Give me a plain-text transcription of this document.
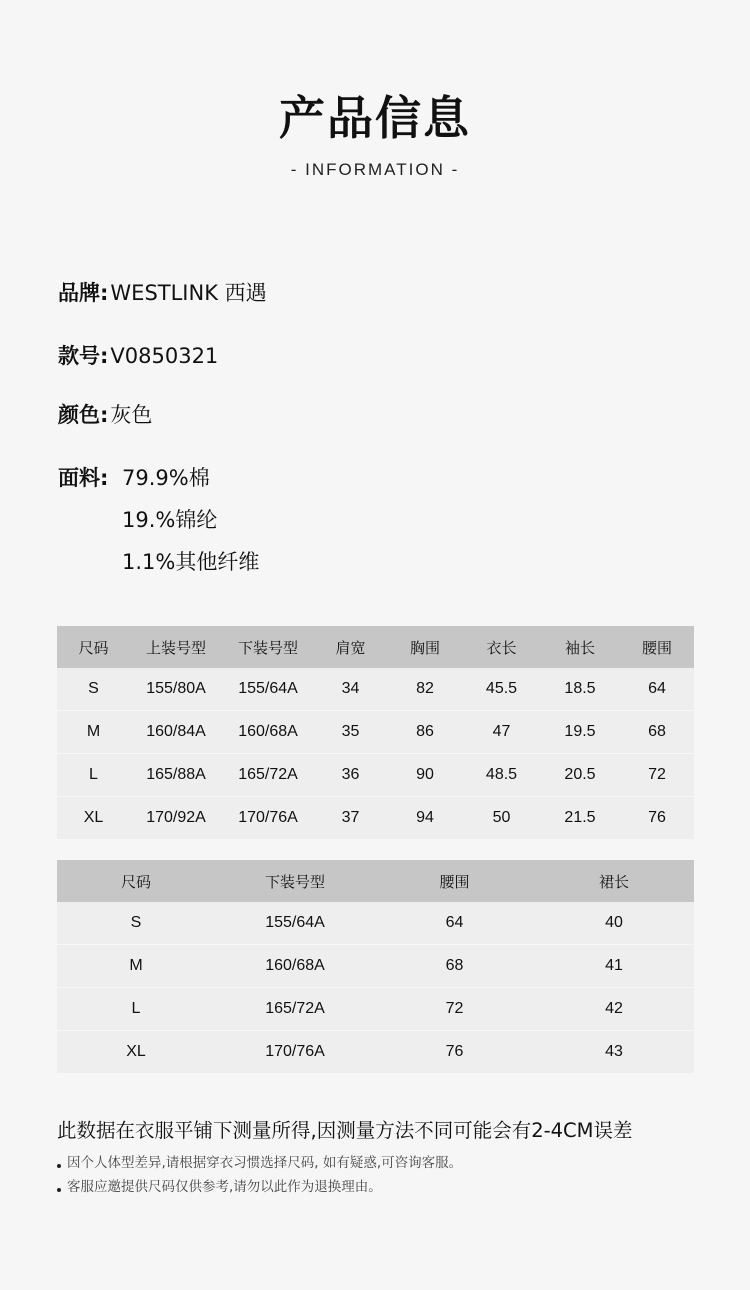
产品信息
- INFORMATION -
品牌:WESTLINK 西遇
款号:V0850321
颜色:灰色
面料: 79.9%棉
19.%锦纶
1.1%其他纤维
尺码	上装号型	下装号型	肩宽	胸围	衣长	袖长	腰围
S	155/80A	155/64A	34	82	45.5	18.5	64
M	160/84A	160/68A	35	86	47	19.5	68
L	165/88A	165/72A	36	90	48.5	20.5	72
XL	170/92A	170/76A	37	94	50	21.5	76
尺码	下装号型	腰围	裙长
S	155/64A	64	40
M	160/68A	68	41
L	165/72A	72	42
XL	170/76A	76	43
此数据在衣服平铺下测量所得,因测量方法不同可能会有2-4CM误差
因个人体型差异,请根据穿衣习惯选择尺码, 如有疑惑,可咨询客服。
客服应邀提供尺码仅供参考,请勿以此作为退换理由。
